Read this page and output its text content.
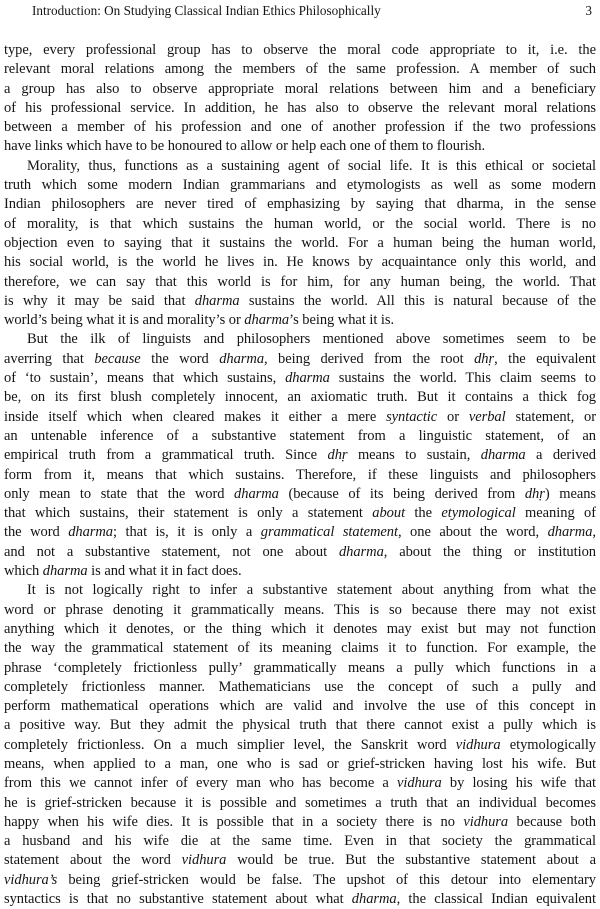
Introduction: On Studying Classical Indian Ethics Philosophically	3
type, every professional group has to observe the moral code appropriate to it, i.e. the
relevant moral relations among the members of the same profession. A member of such
a group has also to observe appropriate moral relations between him and a beneficiary
of his professional service. In addition, he has also to observe the relevant moral relations
between a member of his profession and one of another profession if the two professions
have links which have to be honoured to allow or help each one of them to flourish.
Morality, thus, functions as a sustaining agent of social life. It is this ethical or societal
truth which some modern Indian grammarians and etymologists as well as some modern
Indian philosophers are never tired of emphasizing by saying that dharma, in the sense
of morality, is that which sustains the human world, or the social world. There is no
objection even to saying that it sustains the world. For a human being the human world,
his social world, is the world he lives in. He knows by acquaintance only this world, and
therefore, we can say that this world is for him, for any human being, the world. That
is why it may be said that dharma sustains the world. All this is natural because of the
world’s being what it is and morality’s or dharma’s being what it is.
But the ilk of linguists and philosophers mentioned above sometimes seem to be
averring that because the word dharma, being derived from the root dhṛ, the equivalent
of ‘to sustain’, means that which sustains, dharma sustains the world. This claim seems to
be, on its first blush completely innocent, an axiomatic truth. But it contains a thick fog
inside itself which when cleared makes it either a mere syntactic or verbal statement, or
an untenable inference of a substantive statement from a linguistic statement, of an
empirical truth from a grammatical truth. Since dhṛ means to sustain, dharma a derived
form from it, means that which sustains. Therefore, if these linguists and philosophers
only mean to state that the word dharma (because of its being derived from dhṛ) means
that which sustains, their statement is only a statement about the etymological meaning of
the word dharma; that is, it is only a grammatical statement, one about the word, dharma,
and not a substantive statement, not one about dharma, about the thing or institution
which dharma is and what it in fact does.
It is not logically right to infer a substantive statement about anything from what the
word or phrase denoting it grammatically means. This is so because there may not exist
anything which it denotes, or the thing which it denotes may exist but may not function
the way the grammatical statement of its meaning claims it to function. For example, the
phrase ‘completely frictionless pully’ grammatically means a pully which functions in a
completely frictionless manner. Mathematicians use the concept of such a pully and
perform mathematical operations which are valid and involve the use of this concept in
a positive way. But they admit the physical truth that there cannot exist a pully which is
completely frictionless. On a much simplier level, the Sanskrit word vidhura etymologically
means, when applied to a man, one who is sad or grief-stricken having lost his wife. But
from this we cannot infer of every man who has become a vidhura by losing his wife that
he is grief-stricken because it is possible and sometimes a truth that an individual becomes
happy when his wife dies. It is possible that in a society there is no vidhura because both
a husband and his wife die at the same time. Even in that society the grammatical
statement about the word vidhura would be true. But the substantive statement about a
vidhura’s being grief-stricken would be false. The upshot of this detour into elementary
syntactics is that no substantive statement about what dharma, the classical Indian equivalent
